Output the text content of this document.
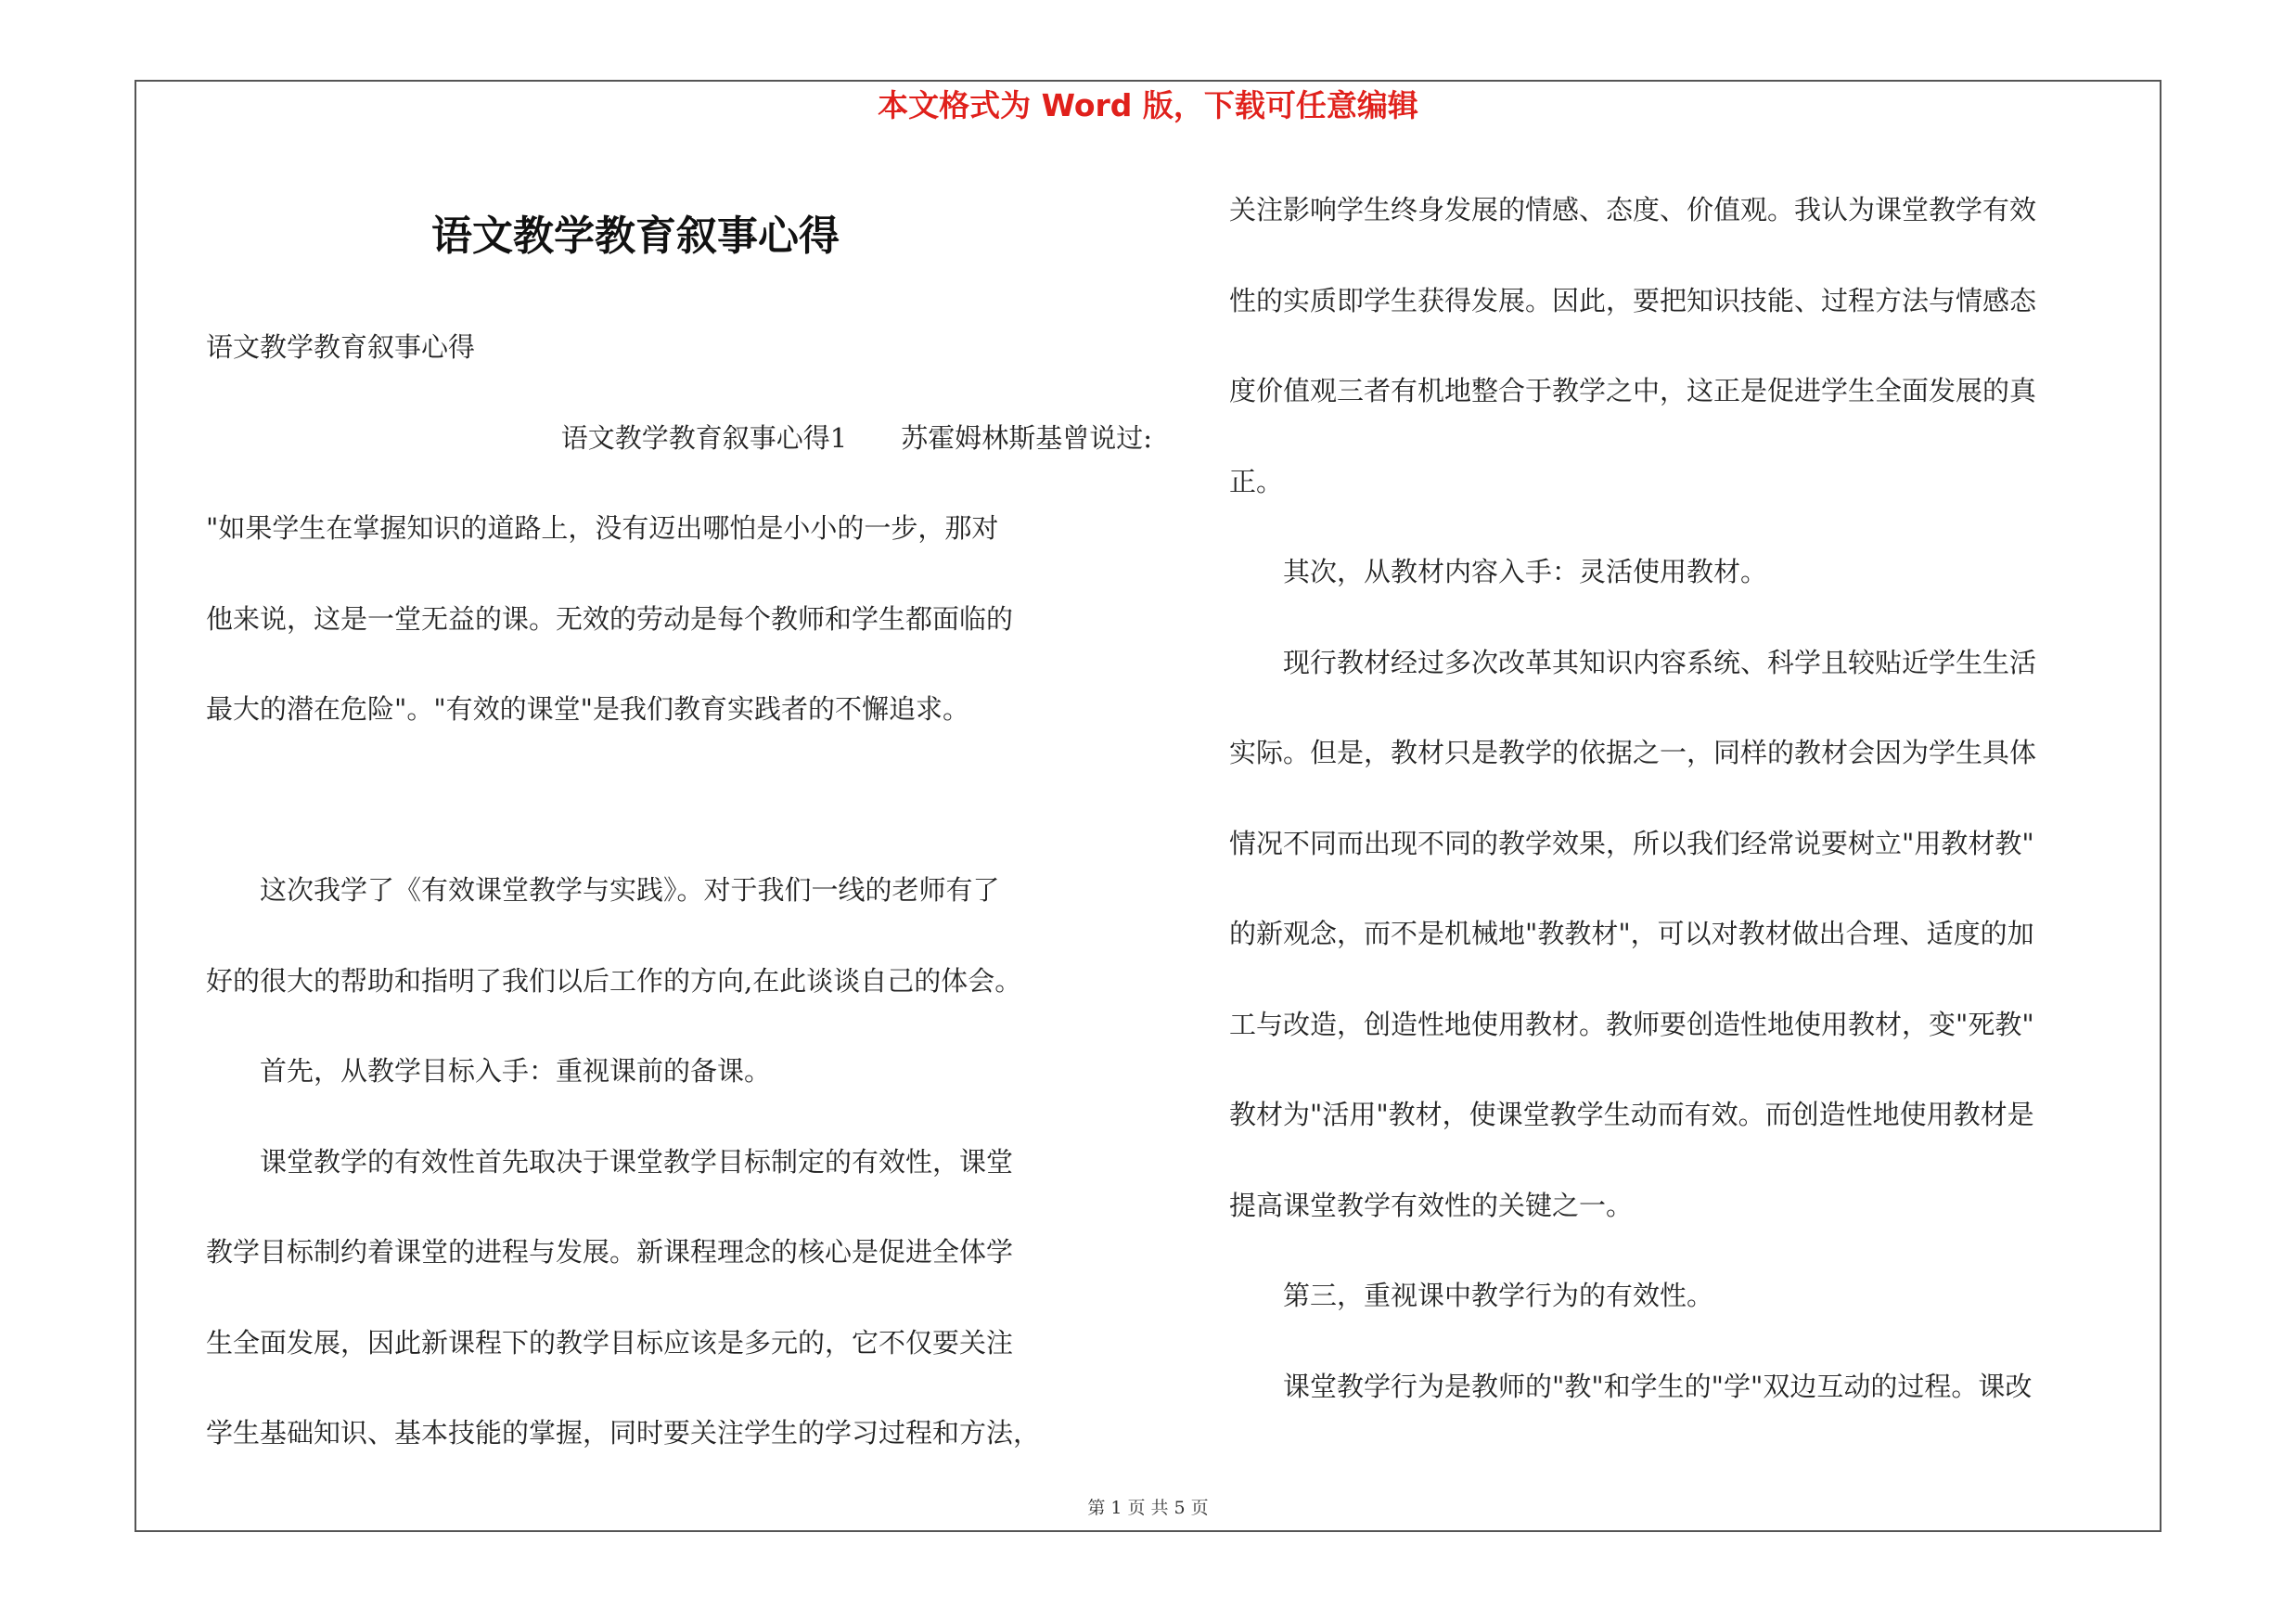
本文格式为 Word 版，下载可任意编辑
语文教学教育叙事心得

语文教学教育叙事心得

语文教学教育叙事心得1　　苏霍姆林斯基曾说过:

"如果学生在掌握知识的道路上，没有迈出哪怕是小小的一步，那对

他来说，这是一堂无益的课。无效的劳动是每个教师和学生都面临的

最大的潜在危险"。"有效的课堂"是我们教育实践者的不懈追求。

　　这次我学了《有效课堂教学与实践》。对于我们一线的老师有了

好的很大的帮助和指明了我们以后工作的方向,在此谈谈自己的体会。

　　首先，从教学目标入手：重视课前的备课。

　　课堂教学的有效性首先取决于课堂教学目标制定的有效性，课堂

教学目标制约着课堂的进程与发展。新课程理念的核心是促进全体学

生全面发展，因此新课程下的教学目标应该是多元的，它不仅要关注

学生基础知识、基本技能的掌握，同时要关注学生的学习过程和方法，

关注影响学生终身发展的情感、态度、价值观。我认为课堂教学有效

性的实质即学生获得发展。因此，要把知识技能、过程方法与情感态

度价值观三者有机地整合于教学之中，这正是促进学生全面发展的真

正。

　　其次，从教材内容入手：灵活使用教材。

　　现行教材经过多次改革其知识内容系统、科学且较贴近学生生活

实际。但是，教材只是教学的依据之一，同样的教材会因为学生具体

情况不同而出现不同的教学效果，所以我们经常说要树立"用教材教"

的新观念，而不是机械地"教教材"，可以对教材做出合理、适度的加

工与改造，创造性地使用教材。教师要创造性地使用教材，变"死教"

教材为"活用"教材，使课堂教学生动而有效。而创造性地使用教材是

提高课堂教学有效性的关键之一。

　　第三，重视课中教学行为的有效性。

　　课堂教学行为是教师的"教"和学生的"学"双边互动的过程。课改

第 1 页 共 5 页
